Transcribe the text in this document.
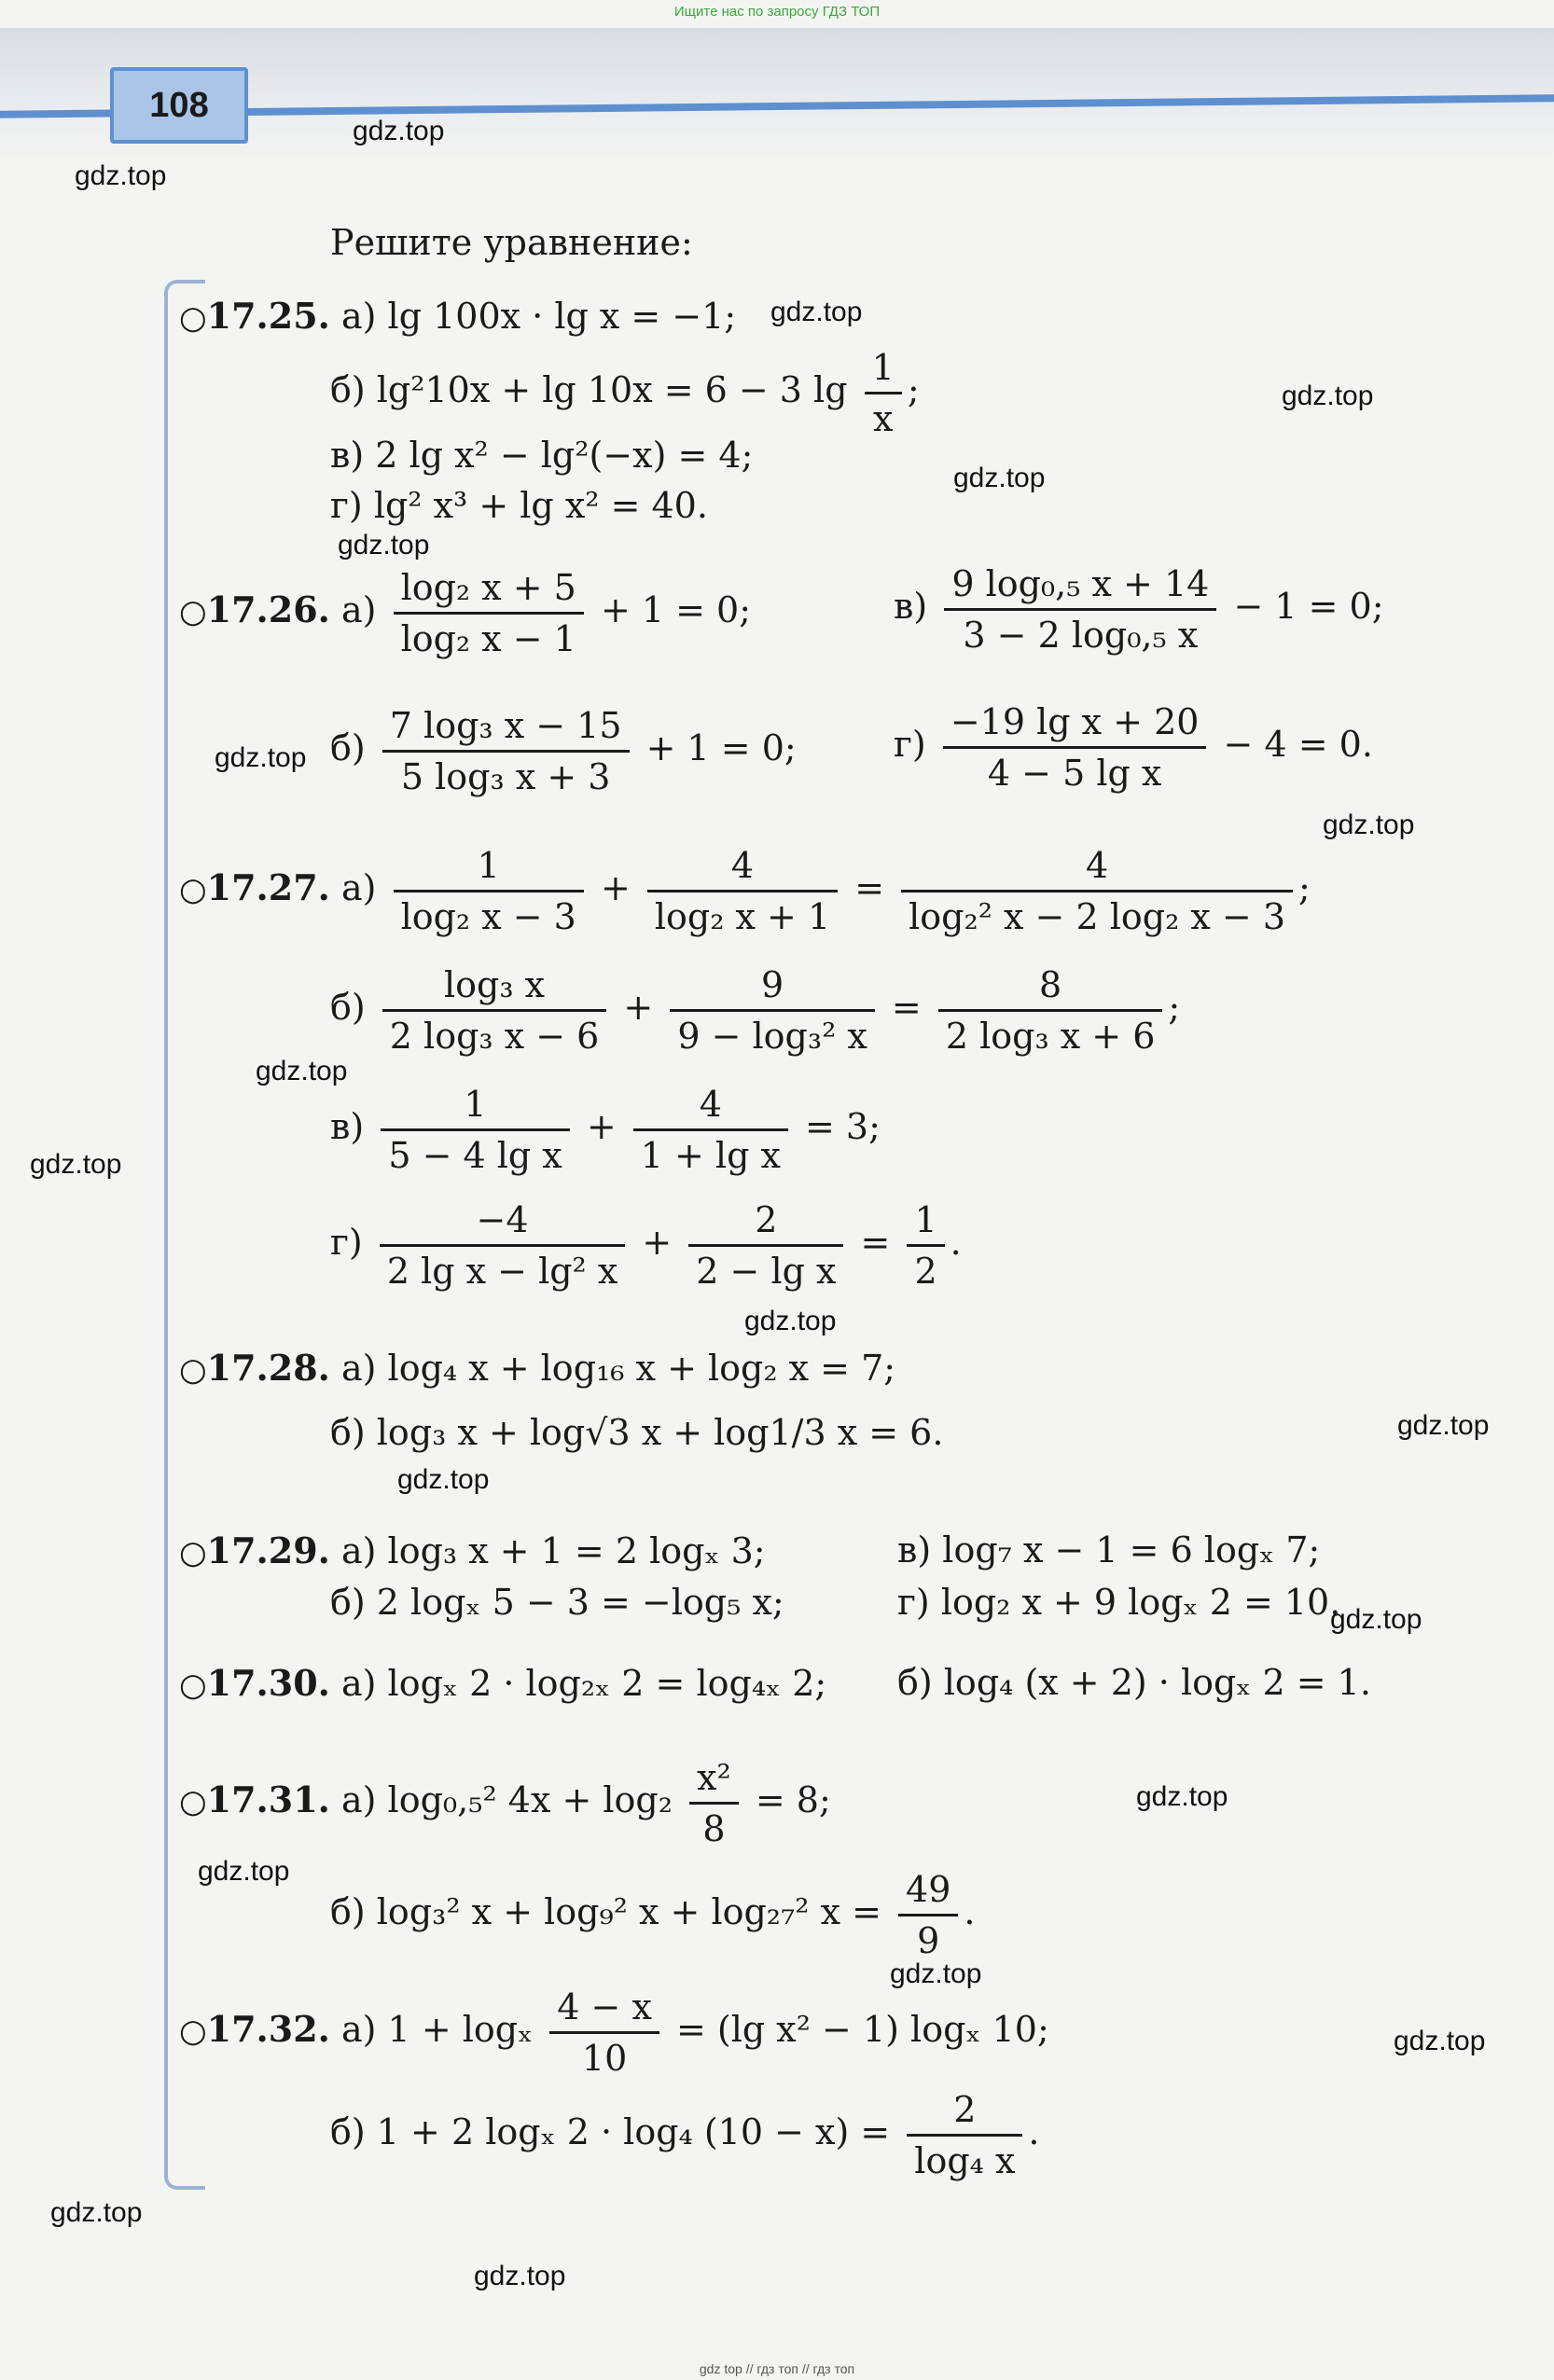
Ищите нас по запросу ГДЗ ТОП
108
gdz.top
gdz.top
gdz.top
gdz.top
gdz.top
gdz.top
gdz.top
gdz.top
gdz.top
gdz.top
gdz.top
gdz.top
gdz.top
gdz.top
gdz.top
gdz.top
gdz.top
gdz.top
gdz.top
gdz.top
Решите уравнение:
○17.25. а) lg 100x · lg x = −1;
б) lg²10x + lg 10x = 6 − 3 $\lg \frac{1}{x}$ ;
в) 2 lg x² − lg²(−x) = 4;
г) lg² x³ + lg x² = 40.
○17.26. $а) \frac{\text{log₂ x + 5}}{\text{log₂ x − 1}} + 1 = 0$;	$в) \frac{\text{9 log₀,₅ x + 14}}{\text{3 − 2 log₀,₅ x}} - 1 = 0$;
$б) \frac{\text{7 log₃ x − 15}}{\text{5 log₃ x + 3}} + 1 = 0$;	$г) \frac{\text{−19 lg x + 20}}{\text{4 − 5 lg x}} - 4 = 0$.
○17.27. $а) \frac{1}{\text{log₂ x − 3}} + \frac{4}{\text{log₂ x + 1}} = \frac{4}{\text{log₂² x − 2 log₂ x − 3}}$ ;
$б) \frac{\text{log₃ x}}{\text{2 log₃ x − 6}} + \frac{9}{\text{9 − log₃² x}} = \frac{8}{\text{2 log₃ x + 6}}$ ;
$в) \frac{1}{\text{5 − 4 lg x}} + \frac{4}{\text{1 + lg x}} = 3$;
$г) \frac{-4}{\text{2 lg x − lg² x}} + \frac{2}{\text{2 − lg x}} = \frac{1}{2}$ .
○17.28. а) log₄ x + log₁₆ x + log₂ x = 7;
б) log₃ x + log√3 x + log1/3 x = 6.
○17.29. а) log₃ x + 1 = 2 logₓ 3;	в) log₇ x − 1 = 6 logₓ 7;
б) 2 logₓ 5 − 3 = −log₅ x;	г) log₂ x + 9 logₓ 2 = 10.
○17.30. а) logₓ 2 · log₂ₓ 2 = log₄ₓ 2; б) log₄ (x + 2) · logₓ 2 = 1.
○17.31. а) log₀,₅² $4x + \log_2 \frac{\text{x²}}{8} = 8$;
б) log₃² x + log₉² x + log₂₇² $x = \frac{49}{9}$ .
○17.32. а) 1 + logₓ $\frac{4 - x}{10} = (\lg$ x² − 1) logₓ 10;
б) 1 + 2 logₓ 2 · log₄ $(10 - x) = \frac{2}{\text{log₄ x}}$ .
gdz top // гдз топ // гдз топ
